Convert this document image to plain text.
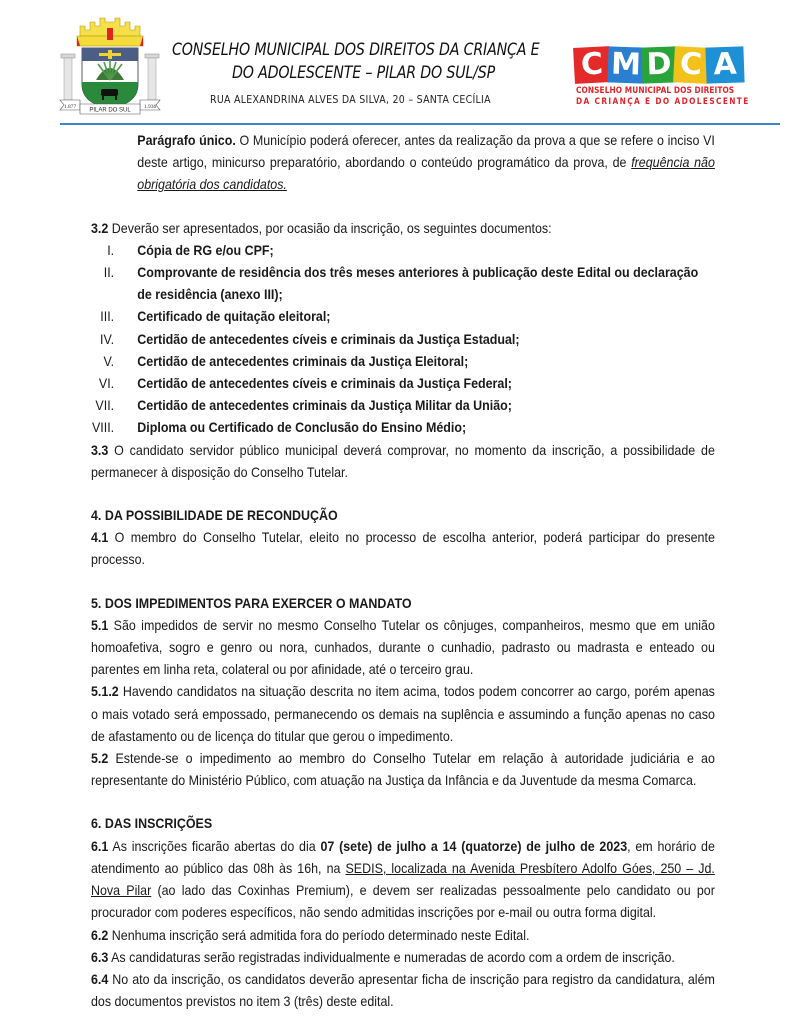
1.877	1.936
PILAR DO SUL
CONSELHO MUNICIPAL DOS DIREITOS DA CRIANÇA E
DO ADOLESCENTE – PILAR DO SUL/SP
RUA ALEXANDRINA ALVES DA SILVA, 20 – SANTA CECÍLIA
C M D C A
CONSELHO MUNICIPAL DOS DIREITOS
DA CRIANÇA E DO ADOLESCENTE

Parágrafo único. O Município poderá oferecer, antes da realização da prova a que se refere o inciso VI deste artigo, minicurso preparatório, abordando o conteúdo programático da prova, de frequência não obrigatória dos candidatos.

3.2 Deverão ser apresentados, por ocasião da inscrição, os seguintes documentos:

I. Cópia de RG e/ou CPF;
II. Comprovante de residência dos três meses anteriores à publicação deste Edital ou declaração de residência (anexo III);
III. Certificado de quitação eleitoral;
IV. Certidão de antecedentes cíveis e criminais da Justiça Estadual;
V. Certidão de antecedentes criminais da Justiça Eleitoral;
VI. Certidão de antecedentes cíveis e criminais da Justiça Federal;
VII. Certidão de antecedentes criminais da Justiça Militar da União;
VIII. Diploma ou Certificado de Conclusão do Ensino Médio;

3.3 O candidato servidor público municipal deverá comprovar, no momento da inscrição, a possibilidade de permanecer à disposição do Conselho Tutelar.

4. DA POSSIBILIDADE DE RECONDUÇÃO

4.1 O membro do Conselho Tutelar, eleito no processo de escolha anterior, poderá participar do presente processo.

5. DOS IMPEDIMENTOS PARA EXERCER O MANDATO

5.1 São impedidos de servir no mesmo Conselho Tutelar os cônjuges, companheiros, mesmo que em união homoafetiva, sogro e genro ou nora, cunhados, durante o cunhadio, padrasto ou madrasta e enteado ou parentes em linha reta, colateral ou por afinidade, até o terceiro grau.

5.1.2 Havendo candidatos na situação descrita no item acima, todos podem concorrer ao cargo, porém apenas o mais votado será empossado, permanecendo os demais na suplência e assumindo a função apenas no caso de afastamento ou de licença do titular que gerou o impedimento.

5.2 Estende-se o impedimento ao membro do Conselho Tutelar em relação à autoridade judiciária e ao representante do Ministério Público, com atuação na Justiça da Infância e da Juventude da mesma Comarca.

6. DAS INSCRIÇÕES

6.1 As inscrições ficarão abertas do dia 07 (sete) de julho a 14 (quatorze) de julho de 2023, em horário de atendimento ao público das 08h às 16h, na SEDIS, localizada na Avenida Presbítero Adolfo Góes, 250 – Jd. Nova Pilar (ao lado das Coxinhas Premium), e devem ser realizadas pessoalmente pelo candidato ou por procurador com poderes específicos, não sendo admitidas inscrições por e-mail ou outra forma digital.

6.2 Nenhuma inscrição será admitida fora do período determinado neste Edital.

6.3 As candidaturas serão registradas individualmente e numeradas de acordo com a ordem de inscrição.

6.4 No ato da inscrição, os candidatos deverão apresentar ficha de inscrição para registro da candidatura, além dos documentos previstos no item 3 (três) deste edital.
